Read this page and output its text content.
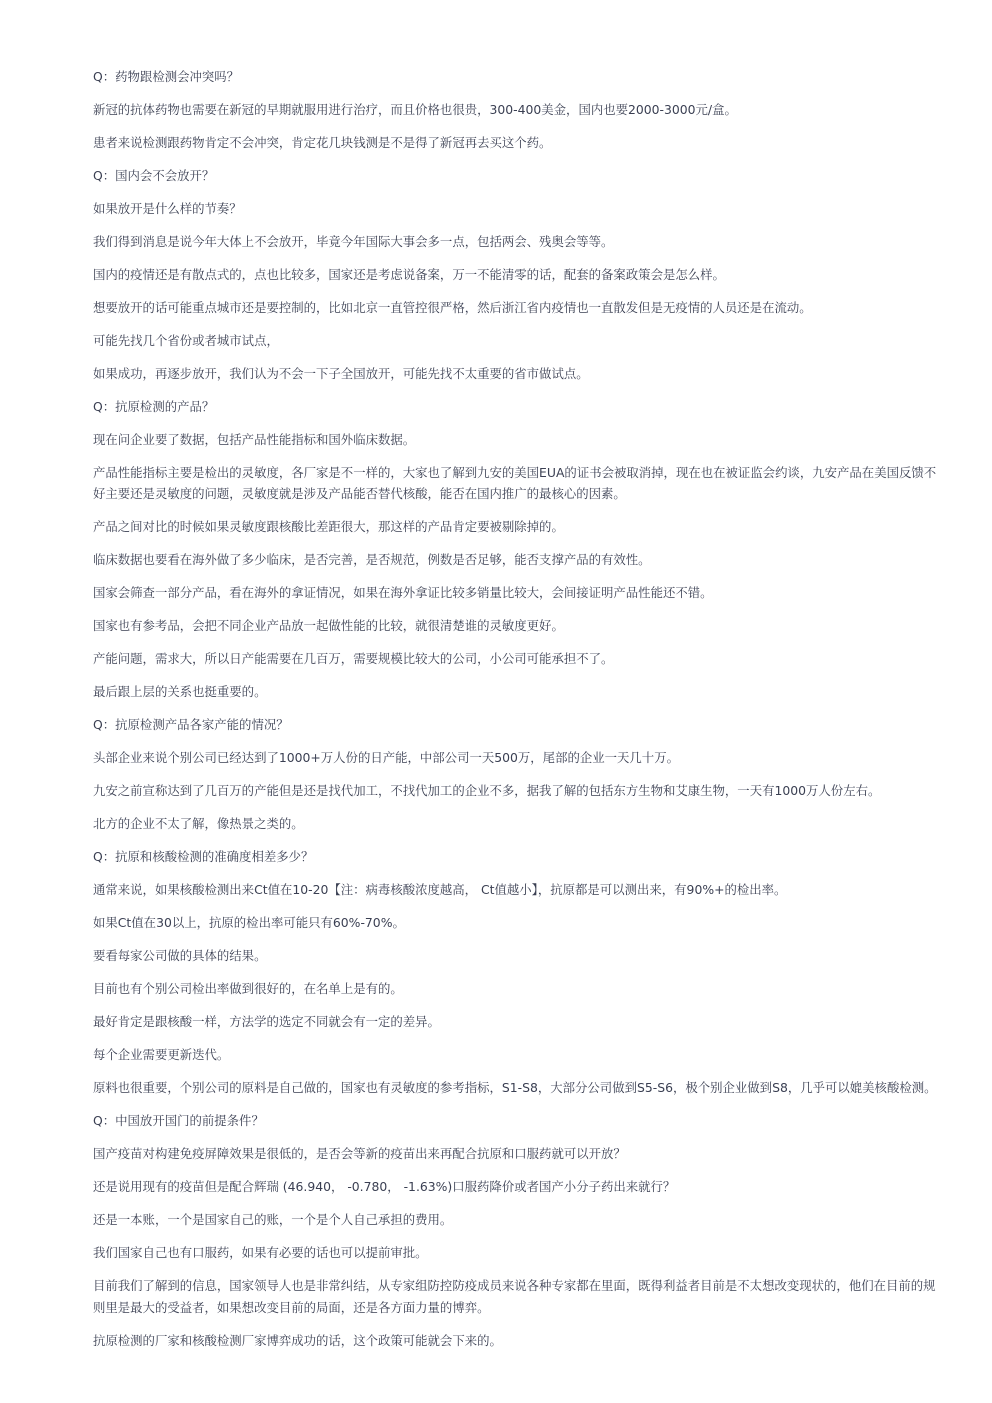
Q：药物跟检测会冲突吗？

新冠的抗体药物也需要在新冠的早期就服用进行治疗，而且价格也很贵，300-400美金，国内也要2000-3000元/盒。

患者来说检测跟药物肯定不会冲突，肯定花几块钱测是不是得了新冠再去买这个药。

Q：国内会不会放开？

如果放开是什么样的节奏？

我们得到消息是说今年大体上不会放开，毕竟今年国际大事会多一点，包括两会、残奥会等等。

国内的疫情还是有散点式的，点也比较多，国家还是考虑说备案，万一不能清零的话，配套的备案政策会是怎么样。

想要放开的话可能重点城市还是要控制的，比如北京一直管控很严格，然后浙江省内疫情也一直散发但是无疫情的人员还是在流动。

可能先找几个省份或者城市试点，

如果成功，再逐步放开，我们认为不会一下子全国放开，可能先找不太重要的省市做试点。

Q：抗原检测的产品？

现在问企业要了数据，包括产品性能指标和国外临床数据。

产品性能指标主要是检出的灵敏度，各厂家是不一样的，大家也了解到九安的美国EUA的证书会被取消掉，现在也在被证监会约谈，九安产品在美国反馈不好主要还是灵敏度的问题，灵敏度就是涉及产品能否替代核酸，能否在国内推广的最核心的因素。

产品之间对比的时候如果灵敏度跟核酸比差距很大，那这样的产品肯定要被剔除掉的。

临床数据也要看在海外做了多少临床，是否完善，是否规范，例数是否足够，能否支撑产品的有效性。

国家会筛查一部分产品，看在海外的拿证情况，如果在海外拿证比较多销量比较大，会间接证明产品性能还不错。

国家也有参考品，会把不同企业产品放一起做性能的比较，就很清楚谁的灵敏度更好。

产能问题，需求大，所以日产能需要在几百万，需要规模比较大的公司，小公司可能承担不了。

最后跟上层的关系也挺重要的。

Q：抗原检测产品各家产能的情况？

头部企业来说个别公司已经达到了1000+万人份的日产能，中部公司一天500万，尾部的企业一天几十万。

九安之前宣称达到了几百万的产能但是还是找代加工，不找代加工的企业不多，据我了解的包括东方生物和艾康生物，一天有1000万人份左右。

北方的企业不太了解，像热景之类的。

Q：抗原和核酸检测的准确度相差多少？

通常来说，如果核酸检测出来Ct值在10-20【注：病毒核酸浓度越高， Ct值越小】，抗原都是可以测出来，有90%+的检出率。

如果Ct值在30以上，抗原的检出率可能只有60%-70%。

要看每家公司做的具体的结果。

目前也有个别公司检出率做到很好的，在名单上是有的。

最好肯定是跟核酸一样，方法学的选定不同就会有一定的差异。

每个企业需要更新迭代。

原料也很重要，个别公司的原料是自己做的，国家也有灵敏度的参考指标，S1-S8，大部分公司做到S5-S6，极个别企业做到S8，几乎可以媲美核酸检测。

Q：中国放开国门的前提条件？

国产疫苗对构建免疫屏障效果是很低的，是否会等新的疫苗出来再配合抗原和口服药就可以开放？

还是说用现有的疫苗但是配合辉瑞 (46.940， -0.780， -1.63%)口服药降价或者国产小分子药出来就行？

还是一本账，一个是国家自己的账，一个是个人自己承担的费用。

我们国家自己也有口服药，如果有必要的话也可以提前审批。

目前我们了解到的信息，国家领导人也是非常纠结，从专家组防控防疫成员来说各种专家都在里面，既得利益者目前是不太想改变现状的，他们在目前的规则里是最大的受益者，如果想改变目前的局面，还是各方面力量的博弈。

抗原检测的厂家和核酸检测厂家博弈成功的话，这个政策可能就会下来的。
